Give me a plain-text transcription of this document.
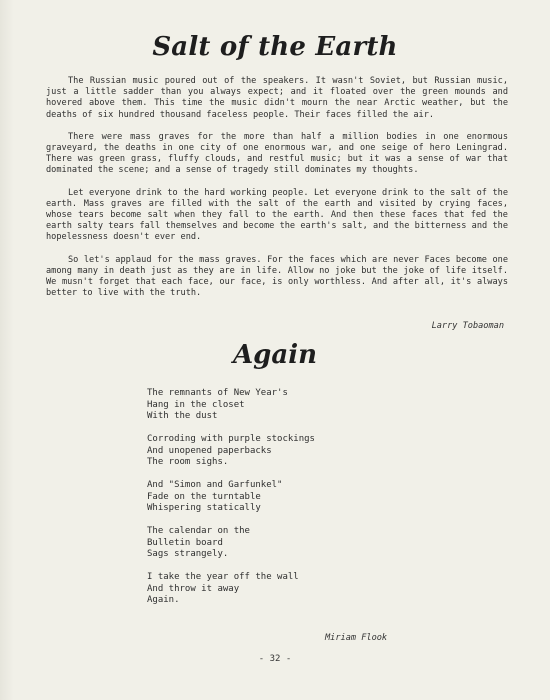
Salt of the Earth

The Russian music poured out of the speakers. It wasn't Soviet, but Russian music, just a little sadder than you always expect; and it floated over the green mounds and hovered above them. This time the music didn't mourn the near Arctic weather, but the deaths of six hundred thousand faceless people. Their faces filled the air.

There were mass graves for the more than half a million bodies in one enormous graveyard, the deaths in one city of one enormous war, and one seige of hero Leningrad. There was green grass, fluffy clouds, and restful music; but it was a sense of war that dominated the scene; and a sense of tragedy still dominates my thoughts.

Let everyone drink to the hard working people. Let everyone drink to the salt of the earth. Mass graves are filled with the salt of the earth and visited by crying faces, whose tears become salt when they fall to the earth. And then these faces that fed the earth salty tears fall themselves and become the earth's salt, and the bitterness and the hopelessness doesn't ever end.

So let's applaud for the mass graves. For the faces which are never Faces become one among many in death just as they are in life. Allow no joke but the joke of life itself. We musn't forget that each face, our face, is only worthless. And after all, it's always better to live with the truth.

Larry Tobaoman
Again
The remnants of New Year's
Hang in the closet
With the dust
Corroding with purple stockings
And unopened paperbacks
The room sighs.
And "Simon and Garfunkel"
Fade on the turntable
Whispering statically
The calendar on the
Bulletin board
Sags strangely.
I take the year off the wall
And throw it away
Again.
Miriam Flook
- 32 -
